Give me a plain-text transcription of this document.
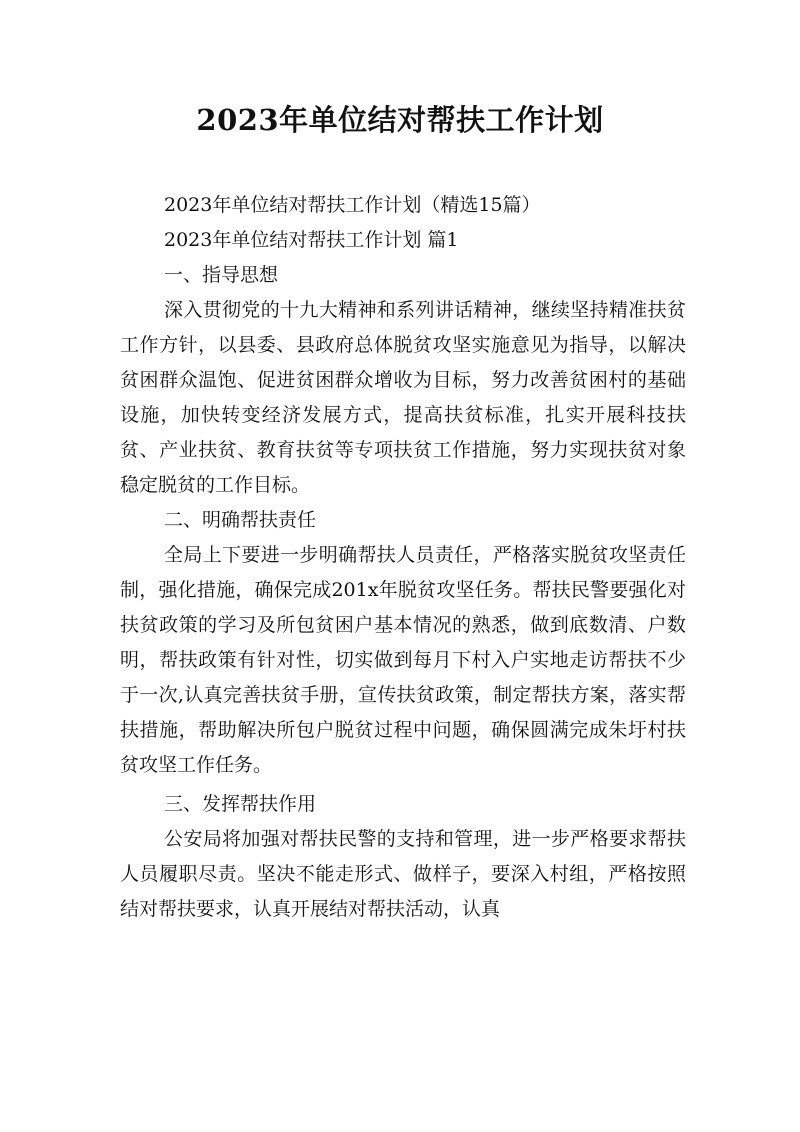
2023年单位结对帮扶工作计划
2023年单位结对帮扶工作计划（精选15篇）
2023年单位结对帮扶工作计划 篇1
一、指导思想

深入贯彻党的十九大精神和系列讲话精神，继续坚持精准扶贫工作方针，以县委、县政府总体脱贫攻坚实施意见为指导，以解决贫困群众温饱、促进贫困群众增收为目标，努力改善贫困村的基础设施，加快转变经济发展方式，提高扶贫标准，扎实开展科技扶贫、产业扶贫、教育扶贫等专项扶贫工作措施，努力实现扶贫对象稳定脱贫的工作目标。

二、明确帮扶责任

全局上下要进一步明确帮扶人员责任，严格落实脱贫攻坚责任制，强化措施，确保完成201x年脱贫攻坚任务。帮扶民警要强化对扶贫政策的学习及所包贫困户基本情况的熟悉，做到底数清、户数明，帮扶政策有针对性，切实做到每月下村入户实地走访帮扶不少于一次,认真完善扶贫手册，宣传扶贫政策，制定帮扶方案，落实帮扶措施，帮助解决所包户脱贫过程中问题，确保圆满完成朱圩村扶贫攻坚工作任务。

三、发挥帮扶作用

公安局将加强对帮扶民警的支持和管理，进一步严格要求帮扶人员履职尽责。坚决不能走形式、做样子，要深入村组，严格按照结对帮扶要求，认真开展结对帮扶活动，认真
